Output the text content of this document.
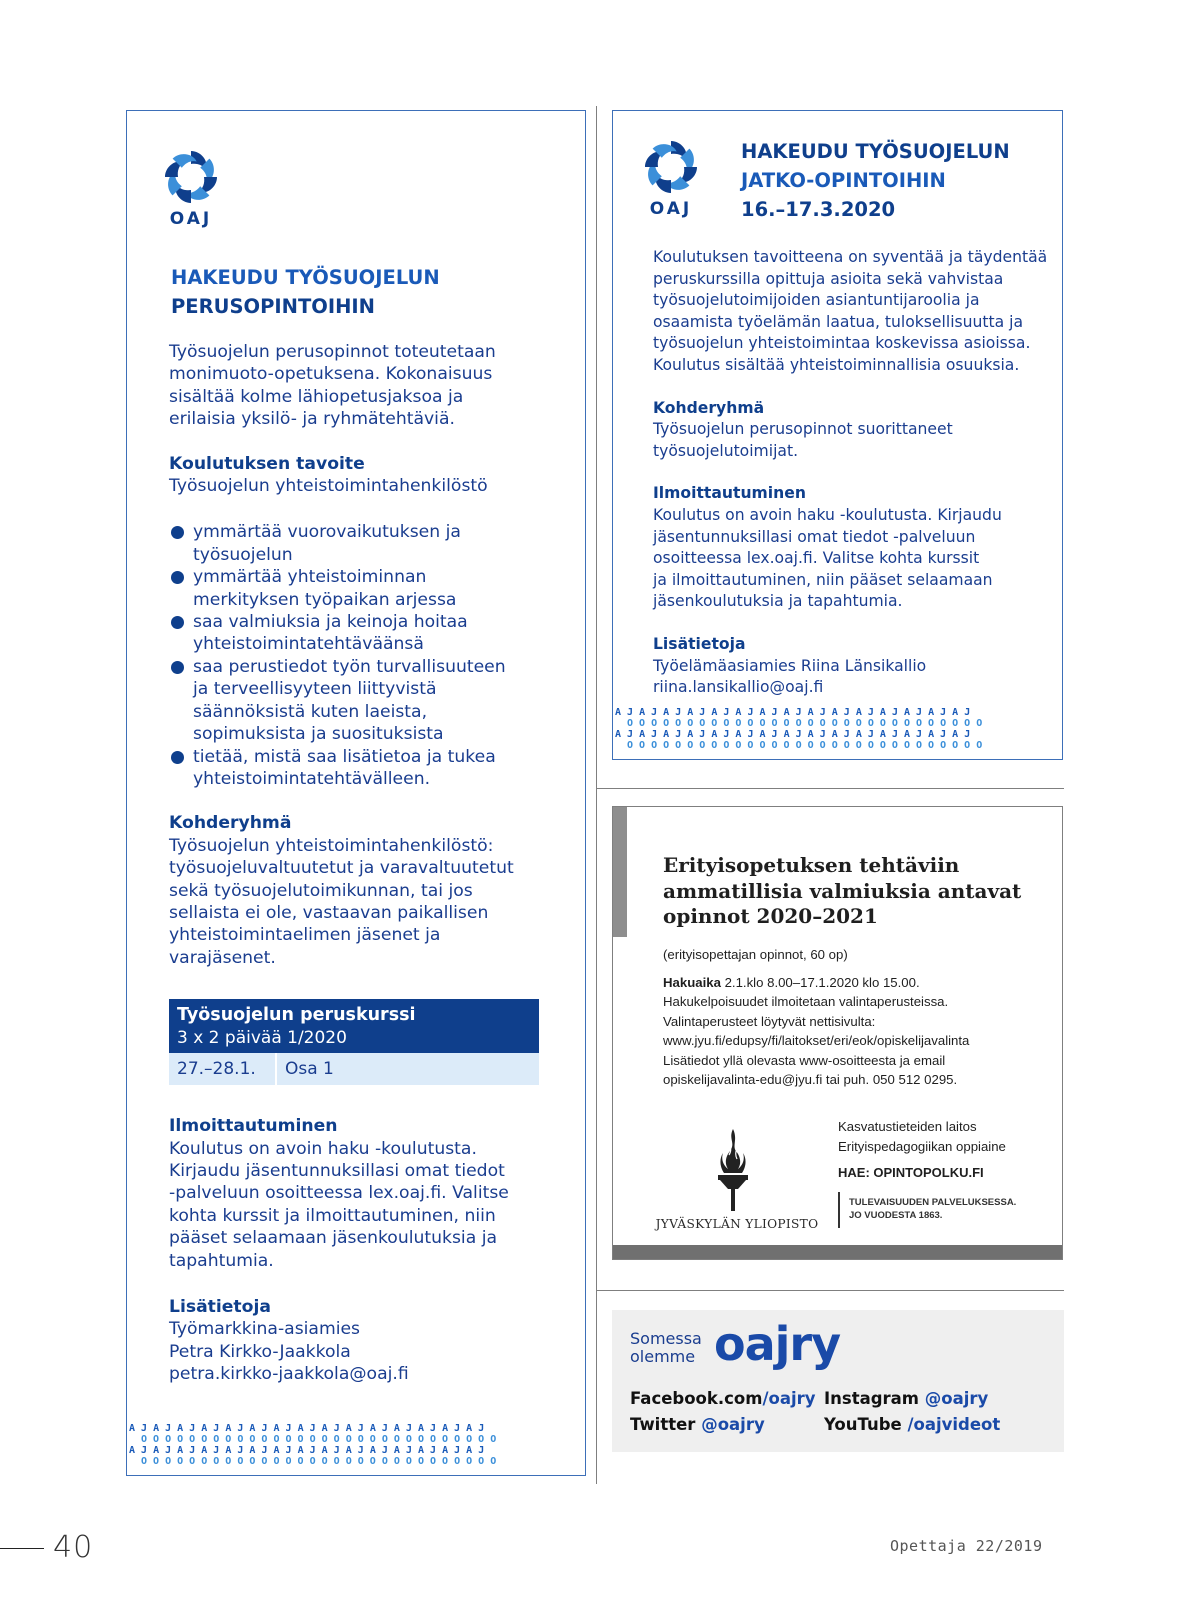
OAJ
HAKEUDU TYÖSUOJELUN
PERUSOPINTOIHIN
Työsuojelun perusopinnot toteutetaan
monimuoto-opetuksena. Kokonaisuus
sisältää kolme lähiopetusjaksoa ja
erilaisia yksilö- ja ryhmätehtäviä.
Koulutuksen tavoite
Työsuojelun yhteistoimintahenkilöstö
ymmärtää vuorovaikutuksen ja
työsuojelun
ymmärtää yhteistoiminnan
merkityksen työpaikan arjessa
saa valmiuksia ja keinoja hoitaa
yhteistoimintatehtäväänsä
saa perustiedot työn turvallisuuteen
ja terveellisyyteen liittyvistä
säännöksistä kuten laeista,
sopimuksista ja suosituksista
tietää, mistä saa lisätietoa ja tukea
yhteistoimintatehtävälleen.
Kohderyhmä
Työsuojelun yhteistoimintahenkilöstö:
työsuojeluvaltuutetut ja varavaltuutetut
sekä työsuojelutoimikunnan, tai jos
sellaista ei ole, vastaavan paikallisen
yhteistoimintaelimen jäsenet ja
varajäsenet.
Työsuojelun peruskurssi
3 x 2 päivää 1/2020
27.–28.1.	Osa 1
Ilmoittautuminen
Koulutus on avoin haku -koulutusta.
Kirjaudu jäsentunnuksillasi omat tiedot
-palveluun osoitteessa lex.oaj.fi. Valitse
kohta kurssit ja ilmoittautuminen, niin
pääset selaamaan jäsenkoulutuksia ja
tapahtumia.
Lisätietoja
Työmarkkina-asiamies
Petra Kirkko-Jaakkola
petra.kirkko-jaakkola@oaj.fi
A J A J A J A J A J A J A J A J A J A J A J A J A J A J A J
O O O O O O O O O O O O O O O O O O O O O O O O O O O O O O
A J A J A J A J A J A J A J A J A J A J A J A J A J A J A J
O O O O O O O O O O O O O O O O O O O O O O O O O O O O O O
OAJ
HAKEUDU TYÖSUOJELUN
JATKO-OPINTOIHIN
16.–17.3.2020
Koulutuksen tavoitteena on syventää ja täydentää
peruskurssilla opittuja asioita sekä vahvistaa
työsuojelutoimijoiden asiantuntijaroolia ja
osaamista työelämän laatua, tuloksellisuutta ja
työsuojelun yhteistoimintaa koskevissa asioissa.
Koulutus sisältää yhteistoiminnallisia osuuksia.
Kohderyhmä
Työsuojelun perusopinnot suorittaneet
työsuojelutoimijat.
Ilmoittautuminen
Koulutus on avoin haku -koulutusta. Kirjaudu
jäsentunnuksillasi omat tiedot -palveluun
osoitteessa lex.oaj.fi. Valitse kohta kurssit
ja ilmoittautuminen, niin pääset selaamaan
jäsenkoulutuksia ja tapahtumia.
Lisätietoja
Työelämäasiamies Riina Länsikallio
riina.lansikallio@oaj.fi
A J A J A J A J A J A J A J A J A J A J A J A J A J A J A J
O O O O O O O O O O O O O O O O O O O O O O O O O O O O O O
A J A J A J A J A J A J A J A J A J A J A J A J A J A J A J
O O O O O O O O O O O O O O O O O O O O O O O O O O O O O O
Erityisopetuksen tehtäviin
ammatillisia valmiuksia antavat
opinnot 2020–2021
(erityisopettajan opinnot, 60 op)
Hakuaika 2.1.klo 8.00–17.1.2020 klo 15.00.
Hakukelpoisuudet ilmoitetaan valintaperusteissa.
Valintaperusteet löytyvät nettisivulta:
www.jyu.fi/edupsy/fi/laitokset/eri/eok/opiskelijavalinta
Lisätiedot yllä olevasta www-osoitteesta ja email
opiskelijavalinta-edu@jyu.fi tai puh. 050 512 0295.
JYVÄSKYLÄN YLIOPISTO
Kasvatustieteiden laitos
Erityispedagogiikan oppiaine
HAE: OPINTOPOLKU.FI
TULEVAISUUDEN PALVELUKSESSA.
JO VUODESTA 1863.
Somessa
olemme oajry
Facebook.com/oajry Instagram @oajry
Twitter @oajry	YouTube /oajvideot
40	Opettaja 22/2019
